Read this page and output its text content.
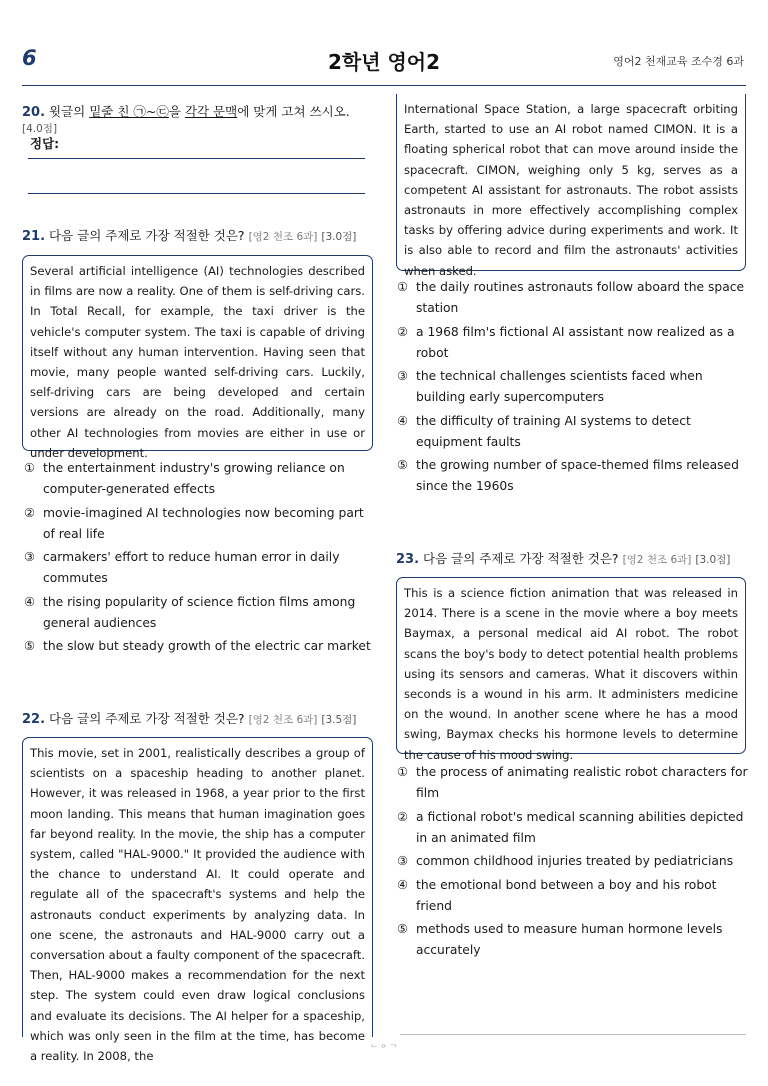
6	2학년 영어2	영어2 천재교육 조수경 6과
20. 윗글의 밑줄 친 ㉠~㉢을 각각 문맥에 맞게 고쳐 쓰시오. [4.0점]
정답:
21. 다음 글의 주제로 가장 적절한 것은? [영2 천조 6과] [3.0점]
Several artificial intelligence (AI) technologies described in films are now a reality. One of them is self-driving cars. In Total Recall, for example, the taxi driver is the vehicle's computer system. The taxi is capable of driving itself without any human intervention. Having seen that movie, many people wanted self-driving cars. Luckily, self-driving cars are being developed and certain versions are already on the road. Additionally, many other AI technologies from movies are either in use or under development.
① the entertainment industry's growing reliance on computer-generated effects
② movie-imagined AI technologies now becoming part of real life
③ carmakers' effort to reduce human error in daily commutes
④ the rising popularity of science fiction films among general audiences
⑤ the slow but steady growth of the electric car market
22. 다음 글의 주제로 가장 적절한 것은? [영2 천조 6과] [3.5점]
This movie, set in 2001, realistically describes a group of scientists on a spaceship heading to another planet. However, it was released in 1968, a year prior to the first moon landing. This means that human imagination goes far beyond reality. In the movie, the ship has a computer system, called "HAL-9000." It provided the audience with the chance to understand AI. It could operate and regulate all of the spacecraft's systems and help the astronauts conduct experiments by analyzing data. In one scene, the astronauts and HAL-9000 carry out a conversation about a faulty component of the spacecraft. Then, HAL-9000 makes a recommendation for the next step. The system could even draw logical conclusions and evaluate its decisions. The AI helper for a spaceship, which was only seen in the film at the time, has become a reality. In 2008, the
International Space Station, a large spacecraft orbiting Earth, started to use an AI robot named CIMON. It is a floating spherical robot that can move around inside the spacecraft. CIMON, weighing only 5 kg, serves as a competent AI assistant for astronauts. The robot assists astronauts in more effectively accomplishing complex tasks by offering advice during experiments and work. It is also able to record and film the astronauts' activities when asked.
① the daily routines astronauts follow aboard the space station
② a 1968 film's fictional AI assistant now realized as a robot
③ the technical challenges scientists faced when building early supercomputers
④ the difficulty of training AI systems to detect equipment faults
⑤ the growing number of space-themed films released since the 1960s
23. 다음 글의 주제로 가장 적절한 것은? [영2 천조 6과] [3.0점]
This is a science fiction animation that was released in 2014. There is a scene in the movie where a boy meets Baymax, a personal medical aid AI robot. The robot scans the boy's body to detect potential health problems using its sensors and cameras. What it discovers within seconds is a wound in his arm. It administers medicine on the wound. In another scene where he has a mood swing, Baymax checks his hormone levels to determine the cause of his mood swing.
① the process of animating realistic robot characters for film
② a fictional robot's medical scanning abilities depicted in an animated film
③ common childhood injuries treated by pediatricians
④ the emotional bond between a boy and his robot friend
⑤ methods used to measure human hormone levels accurately
ᄂᄋᄀ
